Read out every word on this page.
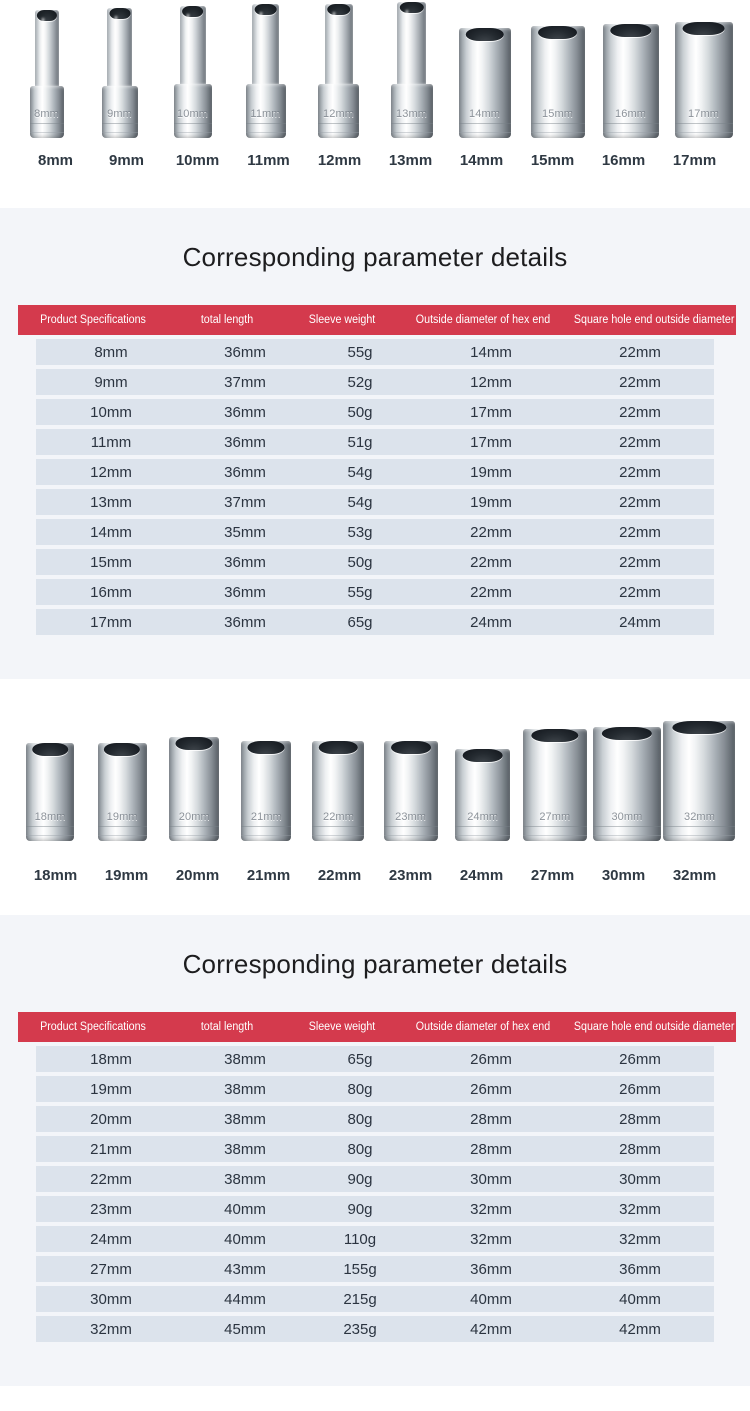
8mm	9mm	10mm	11mm	12mm	13mm	14mm	15mm	16mm	17mm
8mm	9mm	10mm	11mm	12mm	13mm	14mm	15mm	16mm	17mm
Corresponding parameter details
Product Specifications	total length	Sleeve weight	Outside diameter of hex end	Square hole end outside diameter
8mm	36mm	55g	14mm	22mm
9mm	37mm	52g	12mm	22mm
10mm	36mm	50g	17mm	22mm
11mm	36mm	51g	17mm	22mm
12mm	36mm	54g	19mm	22mm
13mm	37mm	54g	19mm	22mm
14mm	35mm	53g	22mm	22mm
15mm	36mm	50g	22mm	22mm
16mm	36mm	55g	22mm	22mm
17mm	36mm	65g	24mm	24mm
18mm	19mm	20mm	21mm	22mm	23mm	24mm	27mm	30mm	32mm
18mm	19mm	20mm	21mm	22mm	23mm	24mm	27mm	30mm	32mm
Corresponding parameter details
Product Specifications	total length	Sleeve weight	Outside diameter of hex end	Square hole end outside diameter
18mm	38mm	65g	26mm	26mm
19mm	38mm	80g	26mm	26mm
20mm	38mm	80g	28mm	28mm
21mm	38mm	80g	28mm	28mm
22mm	38mm	90g	30mm	30mm
23mm	40mm	90g	32mm	32mm
24mm	40mm	110g	32mm	32mm
27mm	43mm	155g	36mm	36mm
30mm	44mm	215g	40mm	40mm
32mm	45mm	235g	42mm	42mm
